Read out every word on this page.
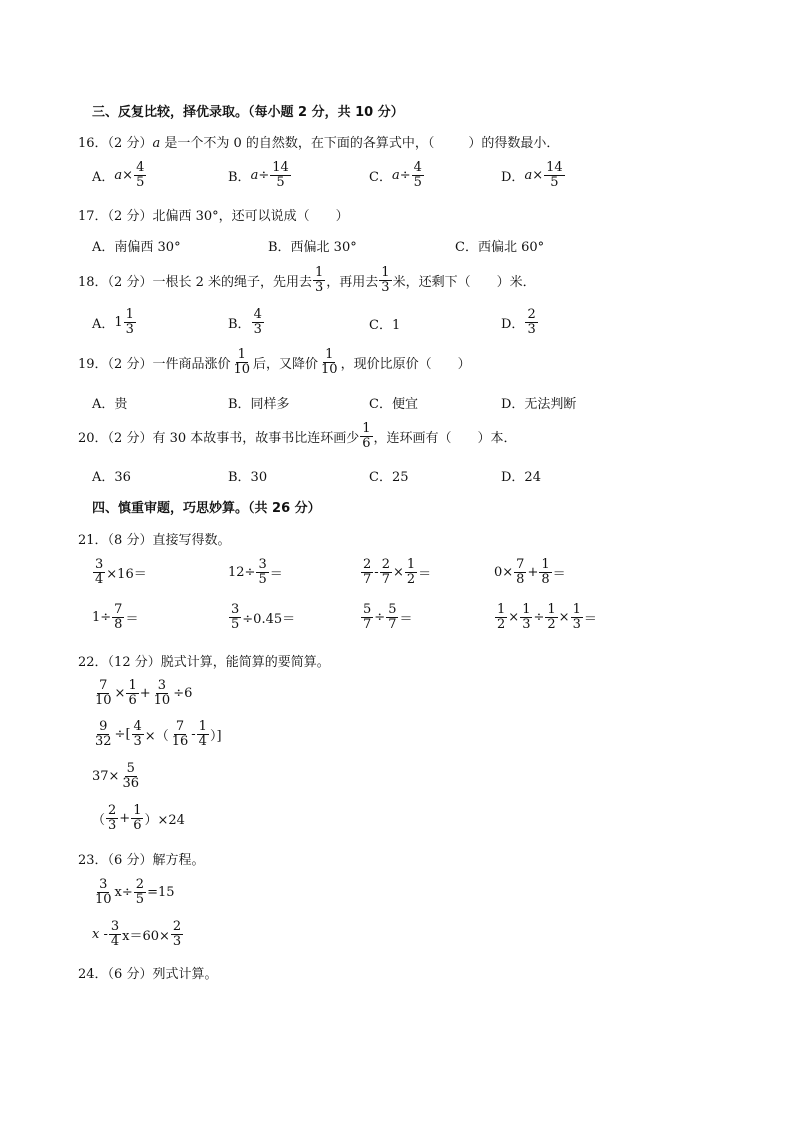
三、反复比较，择优录取。（每小题 2 分，共 10 分）
16．（2 分）a 是一个不为 0 的自然数，在下面的各算式中，（	）的得数最小．
A． $a \times \frac{4}{5}$	B． $a \div \frac{14}{5}$	C． $a \div \frac{4}{5}$	D． $a \times \frac{14}{5}$
17．（2 分）北偏西 30°，还可以说成（　　）
A．南偏西 30°	B．西偏北 30°	C．西偏北 60°
18．（2 分）一根长 2 米的绳子，先用去 $\frac{1}{3}$ ，再用去 $\frac{1}{3}$ 米，还剩下（　　）米．
A． $1 \frac{1}{3}$	B． $\frac{4}{3}$	C．1	D． $\frac{2}{3}$
19．（2 分）一件商品涨价 $\frac{1}{10}$ 后，又降价 $\frac{1}{10}$ ，现价比原价（　　）
A．贵	B．同样多	C．便宜	D．无法判断
20．（2 分）有 30 本故事书，故事书比连环画少 $\frac{1}{6}$ ，连环画有（　　）本．
A．36	B．30	C．25	D．24
四、慎重审题，巧思妙算。（共 26 分）
21．（8 分）直接写得数。
$\frac{3}{4} \times 16=$	$12\div \frac{3}{5}$ ＝	$\frac{2}{7} - \frac{2}{7} \times \frac{1}{2}$ ＝	$0\times \frac{7}{8} + \frac{1}{8}$ ＝
$1\div \frac{7}{8}$ ＝	$\frac{3}{5} \div 0.45=$	$\frac{5}{7} \div \frac{5}{7}$ ＝	$\frac{1}{2} \times \frac{1}{3} \div \frac{1}{2} \times \frac{1}{3}$ ＝
22．（12 分）脱式计算，能简算的要简算。
$\frac{7}{10} \times \frac{1}{6} + \frac{3}{10} \div 6$
$\frac{9}{32}$ ÷[ $\frac{4}{3}$ ×（ $\frac{7}{16} - \frac{1}{4}$ ）]
$37\times \frac{5}{36}$
（ $\frac{2}{3} + \frac{1}{6} )\times 24$
23．（6 分）解方程。
$\frac{3}{10} x\div \frac{2}{5} =15$
$x - \frac{3}{4} x=60\times \frac{2}{3}$
24．（6 分）列式计算。
